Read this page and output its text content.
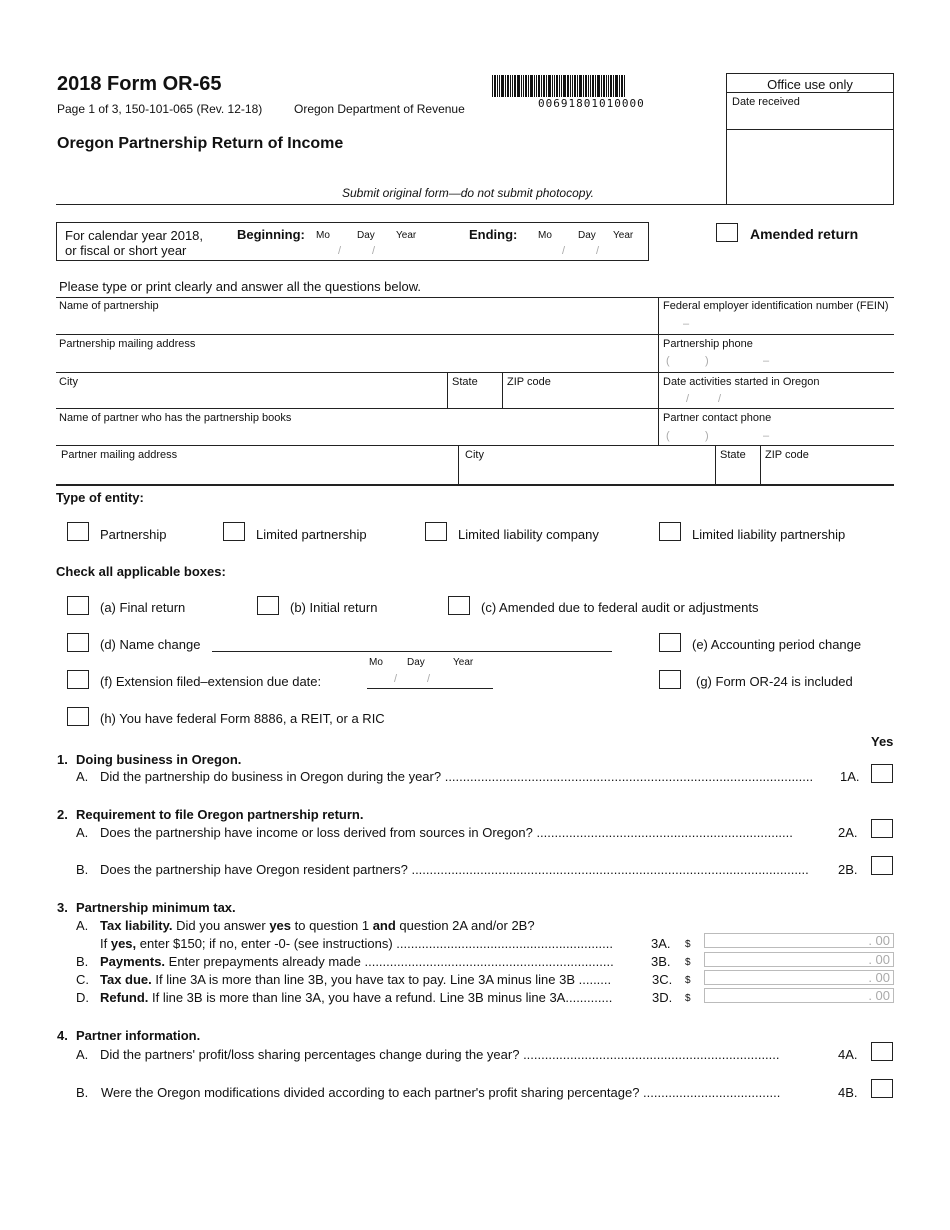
2018 Form OR-65
Page 1 of 3, 150-101-065 (Rev. 12-18)	Oregon Department of Revenue	00691801010000
Office use only
Date received
Oregon Partnership Return of Income
Submit original form—do not submit photocopy.
For calendar year 2018,
or fiscal or short year
Beginning: Mo	Day Year
/	/
Ending: Mo	Day Year
/	/
Amended return
Please type or print clearly and answer all the questions below.
Name of partnership	Federal employer identification number (FEIN)
–
Partnership mailing address	Partnership phone
(	)	–
City	State	ZIP code	Date activities started in Oregon
/	/
Name of partner who has the partnership books	Partner contact phone
(	)	–
Partner mailing address	City	State ZIP code
Type of entity:
Partnership	Limited partnership	Limited liability company	Limited liability partnership
Check all applicable boxes:
(a) Final return	(b) Initial return	(c) Amended due to federal audit or adjustments
(d) Name change	(e) Accounting period change
Mo Day	Year
(f) Extension filed–extension due date:	/	/	(g) Form OR-24 is included
(h) You have federal Form 8886, a REIT, or a RIC
Yes
1. Doing business in Oregon.
A. Did the partnership do business in Oregon during the year? ......................................................................................................	1A.
2. Requirement to file Oregon partnership return.
A. Does the partnership have income or loss derived from sources in Oregon? .......................................................................	2A.
B. Does the partnership have Oregon resident partners? ..............................................................................................................	2B.
3. Partnership minimum tax.
A. Tax liability. Did you answer yes to question 1 and question 2A and/or 2B?
If yes, enter $150; if no, enter -0- (see instructions) ............................................................	3A. $	. 00
B. Payments. Enter prepayments already made .....................................................................	3B. $	. 00
C. Tax due. If line 3A is more than line 3B, you have tax to pay. Line 3A minus line 3B .........	3C. $	. 00
D. Refund. If line 3B is more than line 3A, you have a refund. Line 3B minus line 3A.............	3D. $	. 00
4. Partner information.
A. Did the partners' profit/loss sharing percentages change during the year? .......................................................................	4A.
B. Were the Oregon modifications divided according to each partner's profit sharing percentage? ......................................	4B.
